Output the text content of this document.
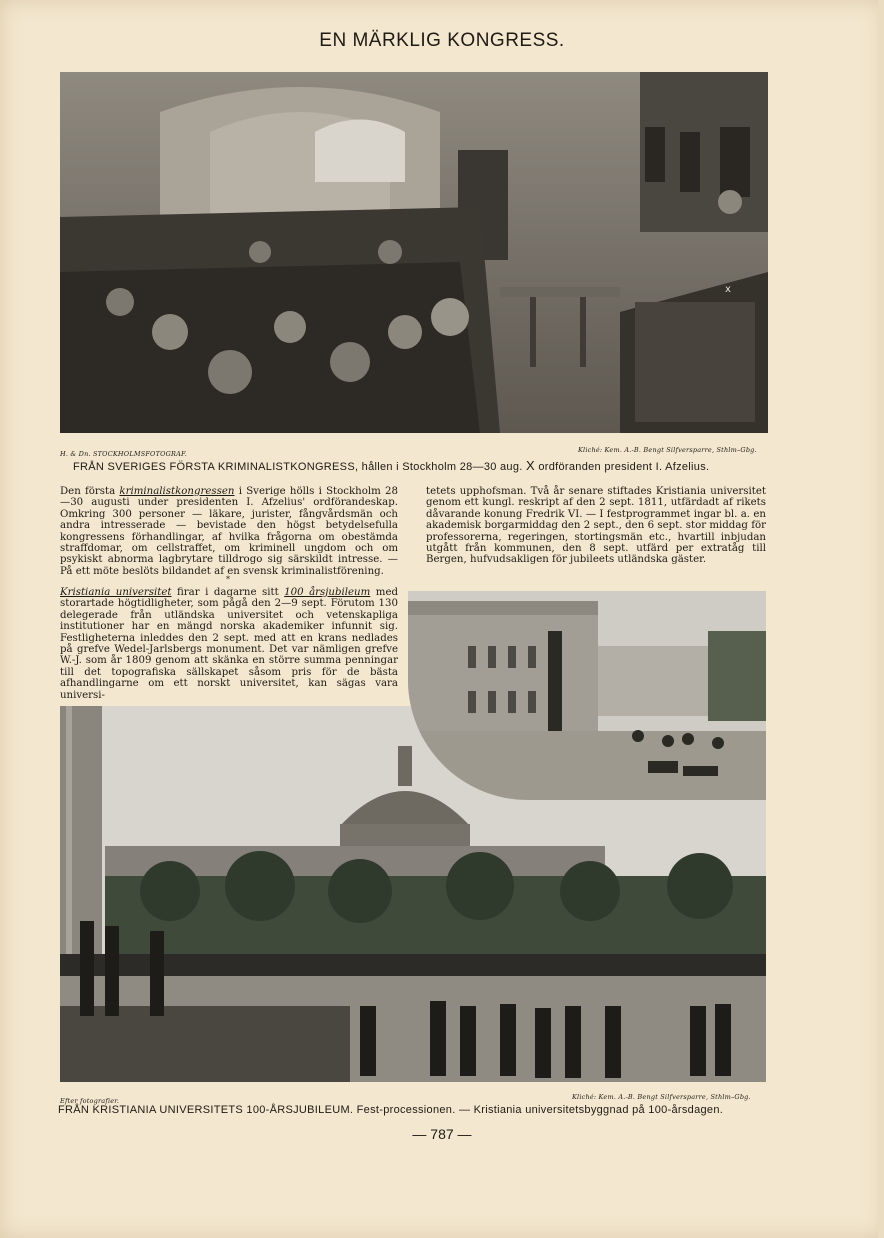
EN MÄRKLIG KONGRESS.
x
H. & Dn. STOCKHOLMSFOTOGRAF.	Kliché: Kem. A.-B. Bengt Silfversparre, Sthlm–Gbg.
FRÅN SVERIGES FÖRSTA KRIMINALISTKONGRESS, hållen i Stockholm 28—30 aug. X ordföranden president I. Afzelius.

Den första kriminalistkongressen i Sverige hölls i Stockholm 28—30 augusti under presidenten I. Afzelius' ordförandeskap. Omkring 300 personer — läkare, jurister, fångvårdsmän och andra intresserade — bevistade den högst betydelsefulla kongressens förhandlingar, af hvilka frågorna om obestämda straffdomar, om cellstraffet, om kriminell ungdom och om psykiskt abnorma lagbrytare tilldrogo sig särskildt intresse. — På ett möte beslöts bildandet af en svensk kriminalistförening.

*

tetets upphofsman. Två år senare stiftades Kristiania universitet genom ett kungl. reskript af den 2 sept. 1811, utfärdadt af rikets dåvarande konung Fredrik VI. — I festprogrammet ingar bl. a. en akademisk borgarmiddag den 2 sept., den 6 sept. stor middag för professorerna, regeringen, stortingsmän etc., hvartill inbjudan utgått från kommunen, den 8 sept. utfärd per extratåg till Bergen, hufvudsakligen för jubileets utländska gäster.

Kristiania universitet firar i dagarne sitt 100 årsjubileum med storartade högtidligheter, som pågå den 2—9 sept. Förutom 130 delegerade från utländska universitet och vetenskapliga institutioner har en mängd norska akademiker infunnit sig. Festligheterna inleddes den 2 sept. med att en krans nedlades på grefve Wedel-Jarlsbergs monument. Det var nämligen grefve W.-J. som år 1809 genom att skänka en större summa penningar till det topografiska sällskapet såsom pris för de bästa afhandlingarne om ett norskt universitet, kan sägas vara universi-

Efter fotografier.	Kliché: Kem. A.-B. Bengt Silfversparre, Sthlm–Gbg.
FRÅN KRISTIANIA UNIVERSITETS 100-ÅRSJUBILEUM. Fest-processionen. — Kristiania universitetsbyggnad på 100-årsdagen.
— 787 —
